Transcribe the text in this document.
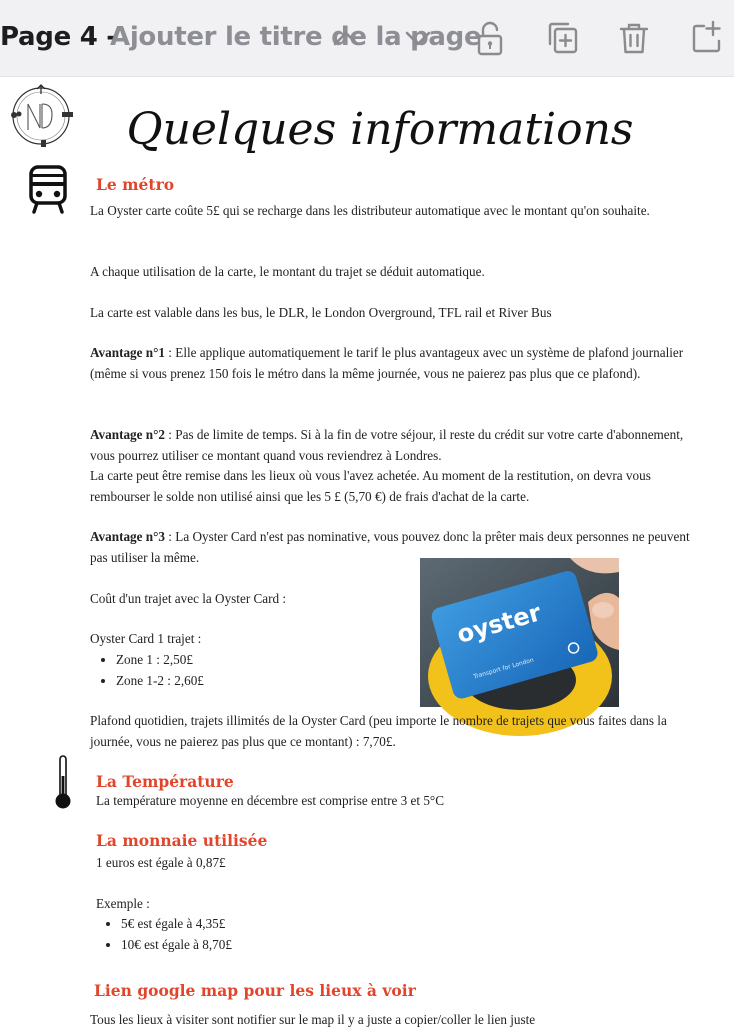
Page 4 -
Ajouter le titre de la page
Quelques informations
Le métro
La Oyster carte coûte 5£ qui se recharge dans les distributeur automatique avec le montant qu'on souhaite.
A chaque utilisation de la carte, le montant du trajet se déduit automatique.
La carte est valable dans les bus, le DLR, le London Overground, TFL rail et River Bus
Avantage n°1 : Elle applique automatiquement le tarif le plus avantageux avec un système de plafond journalier (même si vous prenez 150 fois le métro dans la même journée, vous ne paierez pas plus que ce plafond).
Avantage n°2 : Pas de limite de temps. Si à la fin de votre séjour, il reste du crédit sur votre carte d'abonnement, vous pourrez utiliser ce montant quand vous reviendrez à Londres.
La carte peut être remise dans les lieux où vous l'avez achetée. Au moment de la restitution, on devra vous rembourser le solde non utilisé ainsi que les 5 £ (5,70 €) de frais d'achat de la carte.
Avantage n°3 : La Oyster Card n'est pas nominative, vous pouvez donc la prêter mais deux personnes ne peuvent pas utiliser la même.
Coût d'un trajet avec la Oyster Card :
Oyster Card 1 trajet :
• Zone 1 : 2,50£
• Zone 1-2 : 2,60£
oyster
Transport for London
Plafond quotidien, trajets illimités de la Oyster Card (peu importe le nombre de trajets que vous faites dans la journée, vous ne paierez pas plus que ce montant) : 7,70£.
La Température
La température moyenne en décembre est comprise entre 3 et 5°C
La monnaie utilisée
1 euros est égale à 0,87£
Exemple :
• 5€ est égale à 4,35£
• 10€ est égale à 8,70£
Lien google map pour les lieux à voir
Tous les lieux à visiter sont notifier sur le map il y a juste a copier/coller le lien juste
